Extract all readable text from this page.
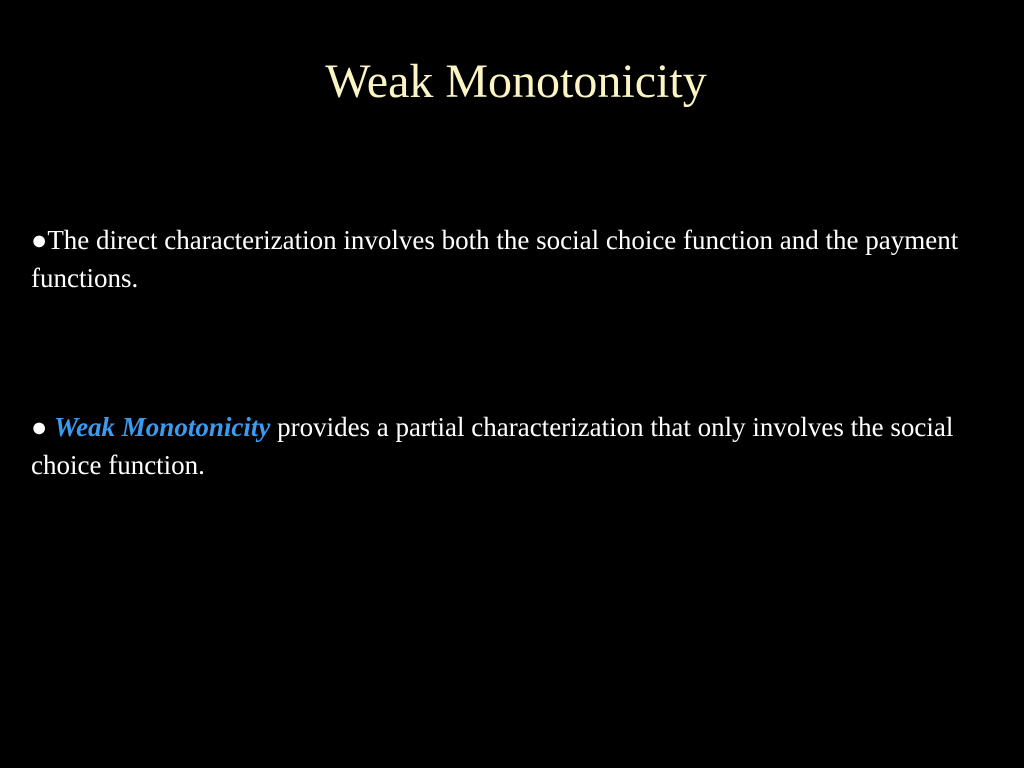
Weak Monotonicity

●The direct characterization involves both the social choice function and the payment functions.

● Weak Monotonicity provides a partial characterization that only involves the social choice function.
